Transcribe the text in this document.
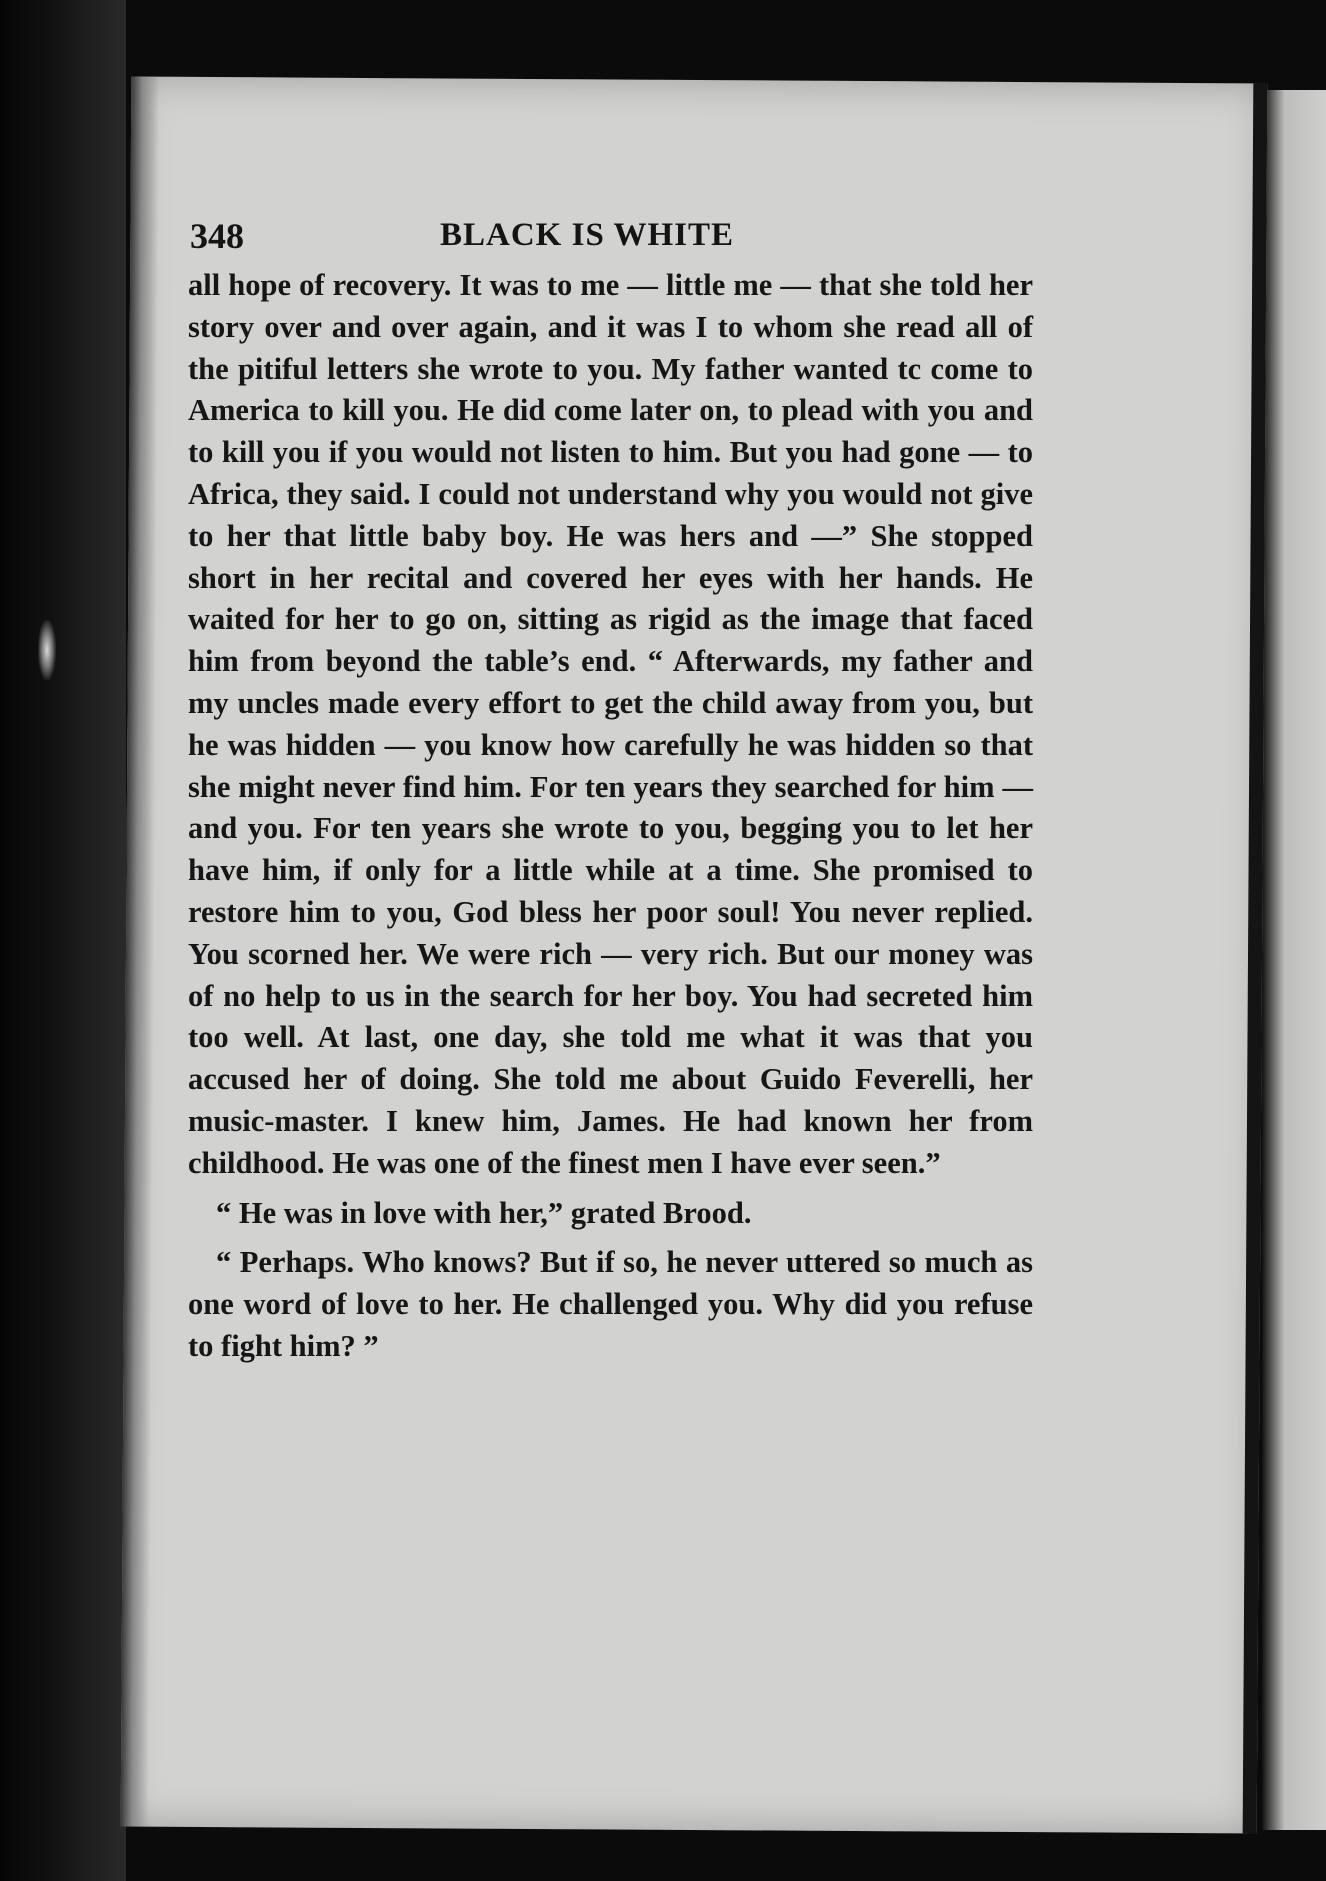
348	BLACK IS WHITE

all hope of recovery. It was to me — little me — that she told her story over and over again, and it was I to whom she read all of the pitiful letters she wrote to you. My father wanted tc come to America to kill you. He did come later on, to plead with you and to kill you if you would not listen to him. But you had gone — to Africa, they said. I could not understand why you would not give to her that little baby boy. He was hers and —” She stopped short in her recital and covered her eyes with her hands. He waited for her to go on, sitting as rigid as the image that faced him from beyond the table’s end. “ Afterwards, my father and my uncles made every effort to get the child away from you, but he was hidden — you know how carefully he was hidden so that she might never find him. For ten years they searched for him — and you. For ten years she wrote to you, begging you to let her have him, if only for a little while at a time. She promised to restore him to you, God bless her poor soul! You never replied. You scorned her. We were rich — very rich. But our money was of no help to us in the search for her boy. You had secreted him too well. At last, one day, she told me what it was that you accused her of doing. She told me about Guido Feverelli, her music-master. I knew him, James. He had known her from childhood. He was one of the finest men I have ever seen.”

“ He was in love with her,” grated Brood.

“ Perhaps. Who knows? But if so, he never uttered so much as one word of love to her. He challenged you. Why did you refuse to fight him? ”
